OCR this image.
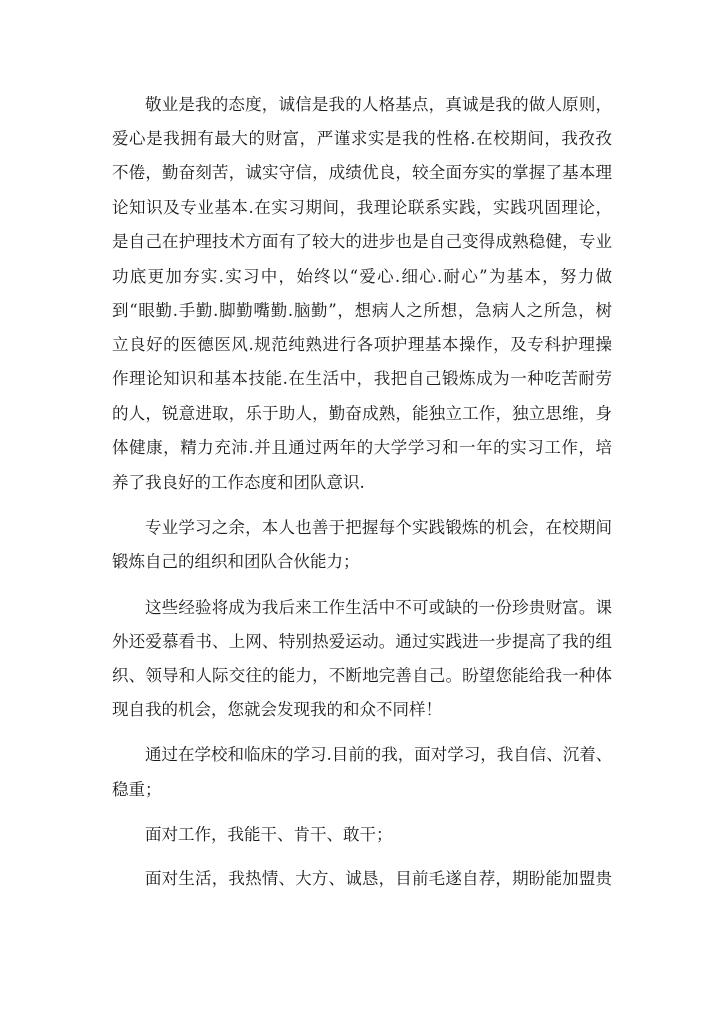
敬业是我的态度，诚信是我的人格基点，真诚是我的做人原则，
爱心是我拥有最大的财富，严谨求实是我的性格.在校期间，我孜孜
不倦，勤奋刻苦，诚实守信，成绩优良，较全面夯实的掌握了基本理
论知识及专业基本.在实习期间，我理论联系实践，实践巩固理论，
是自己在护理技术方面有了较大的进步也是自己变得成熟稳健，专业
功底更加夯实.实习中，始终以“爱心.细心.耐心”为基本，努力做
到“眼勤.手勤.脚勤嘴勤.脑勤”，想病人之所想，急病人之所急，树
立良好的医德医风.规范纯熟进行各项护理基本操作，及专科护理操
作理论知识和基本技能.在生活中，我把自己锻炼成为一种吃苦耐劳
的人，锐意进取，乐于助人，勤奋成熟，能独立工作，独立思维，身
体健康，精力充沛.并且通过两年的大学学习和一年的实习工作，培
养了我良好的工作态度和团队意识.
专业学习之余，本人也善于把握每个实践锻炼的机会，在校期间
锻炼自己的组织和团队合伙能力；
这些经验将成为我后来工作生活中不可或缺的一份珍贵财富。课
外还爱慕看书、上网、特别热爱运动。通过实践进一步提高了我的组
织、领导和人际交往的能力，不断地完善自己。盼望您能给我一种体
现自我的机会，您就会发现我的和众不同样！
通过在学校和临床的学习.目前的我，面对学习，我自信、沉着、
稳重；
面对工作，我能干、肯干、敢干；
面对生活，我热情、大方、诚恳，目前毛遂自荐，期盼能加盟贵
